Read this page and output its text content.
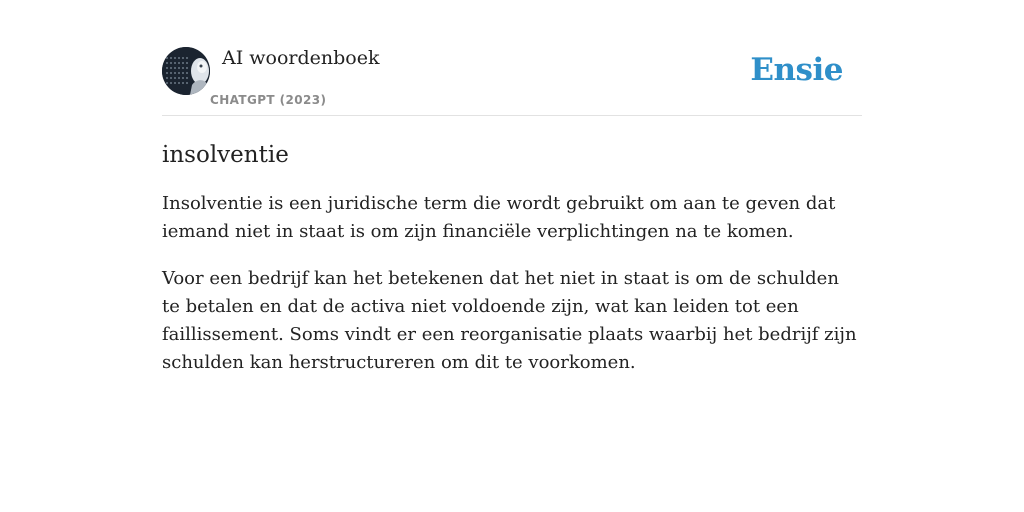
AI woordenboek
CHATGPT (2023)
Ensie
insolventie

Insolventie is een juridische term die wordt gebruikt om aan te geven dat iemand niet in staat is om zijn financiële verplichtingen na te komen.

Voor een bedrijf kan het betekenen dat het niet in staat is om de schulden te betalen en dat de activa niet voldoende zijn, wat kan leiden tot een faillissement. Soms vindt er een reorganisatie plaats waarbij het bedrijf zijn schulden kan herstructureren om dit te voorkomen.
